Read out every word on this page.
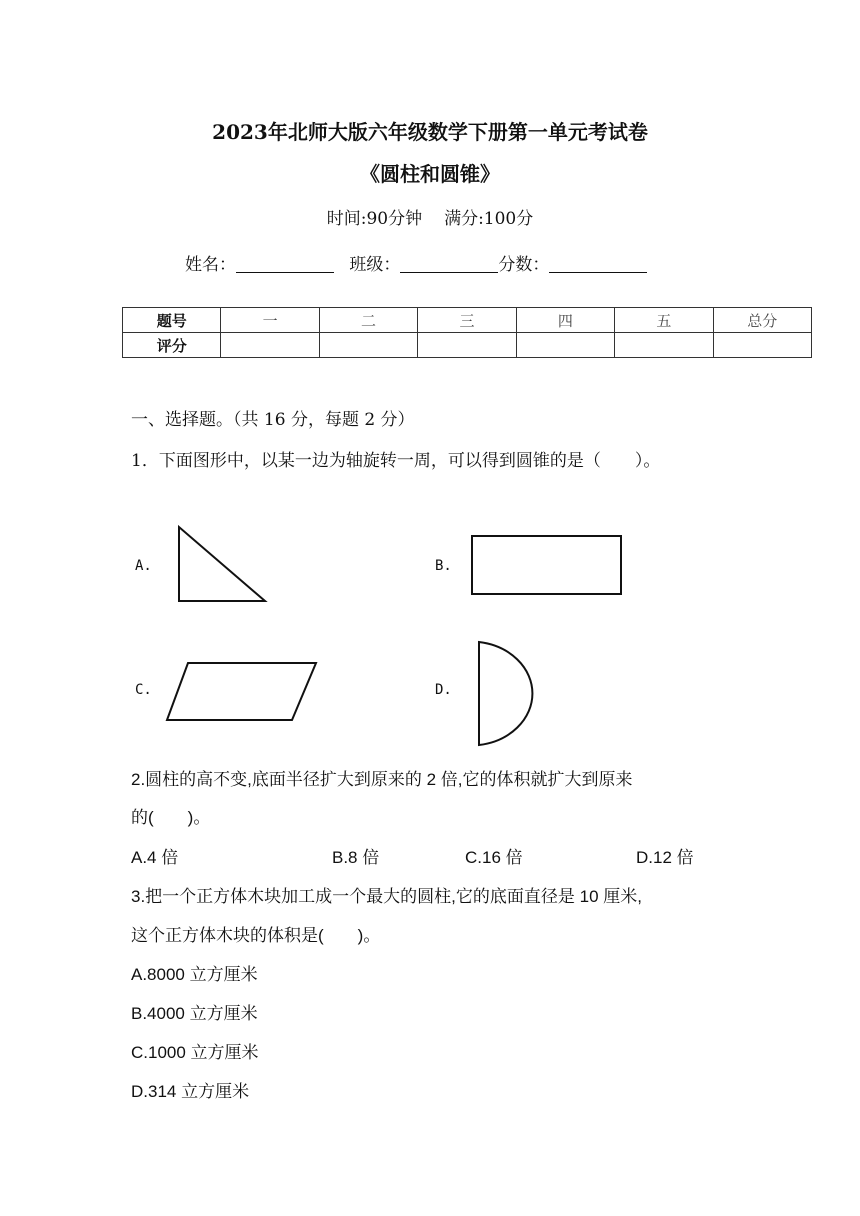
2023年北师大版六年级数学下册第一单元考试卷
《圆柱和圆锥》
时间:90分钟 满分:100分
姓名：	班级：	分数：
题号	一	二	三	四	五	总分
评分						
一、选择题。（共 16 分，每题 2 分）
1．下面图形中，以某一边为轴旋转一周，可以得到圆锥的是（　　）。
A.	B.
C.	D.
2.圆柱的高不变,底面半径扩大到原来的 2 倍,它的体积就扩大到原来
的(　　)。
A.4 倍	B.8 倍	C.16 倍	D.12 倍
3.把一个正方体木块加工成一个最大的圆柱,它的底面直径是 10 厘米,
这个正方体木块的体积是(　　)。
A.8000 立方厘米
B.4000 立方厘米
C.1000 立方厘米
D.314 立方厘米
